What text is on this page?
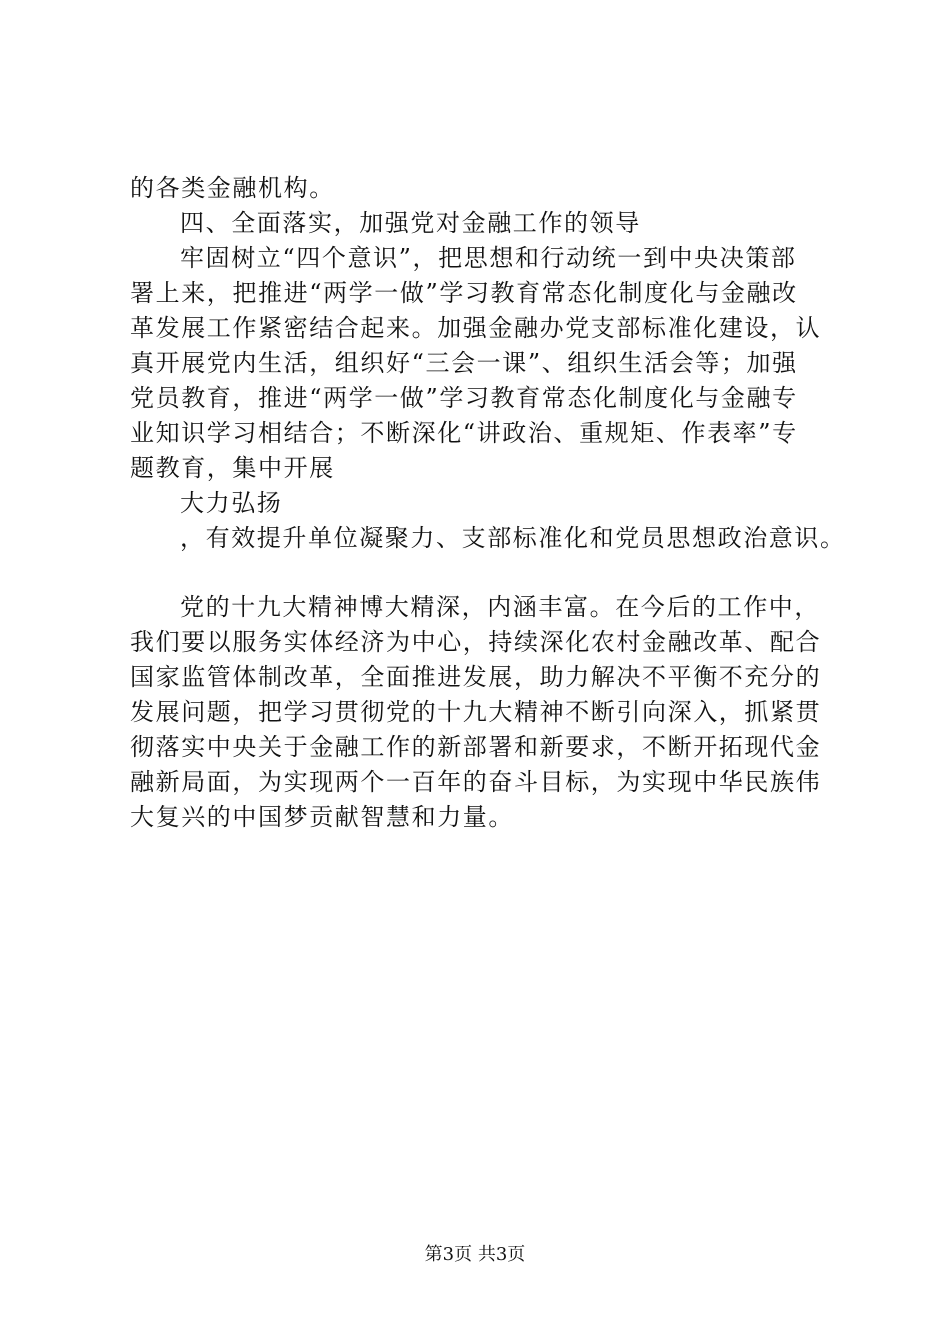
的各类金融机构。
四、全面落实，加强党对金融工作的领导
牢固树立“四个意识”，把思想和行动统一到中央决策部
署上来，把推进“两学一做”学习教育常态化制度化与金融改
革发展工作紧密结合起来。加强金融办党支部标准化建设，认
真开展党内生活，组织好“三会一课”、组织生活会等；加强
党员教育，推进“两学一做”学习教育常态化制度化与金融专
业知识学习相结合；不断深化“讲政治、重规矩、作表率”专
题教育，集中开展
大力弘扬
，有效提升单位凝聚力、支部标准化和党员思想政治意识。
党的十九大精神博大精深，内涵丰富。在今后的工作中，
我们要以服务实体经济为中心，持续深化农村金融改革、配合
国家监管体制改革，全面推进发展，助力解决不平衡不充分的
发展问题，把学习贯彻党的十九大精神不断引向深入，抓紧贯
彻落实中央关于金融工作的新部署和新要求，不断开拓现代金
融新局面，为实现两个一百年的奋斗目标，为实现中华民族伟
大复兴的中国梦贡献智慧和力量。
第3页 共3页
